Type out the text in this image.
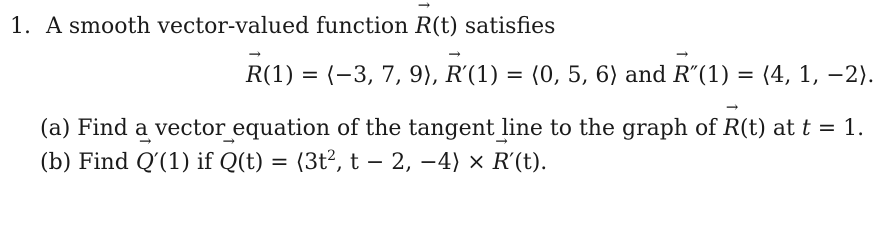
1. A smooth vector-valued function → R(t) satisfies
→ R(1) = ⟨−3, 7, 9⟩, → R′(1) = ⟨0, 5, 6⟩ and → R″(1) = ⟨4, 1, −2⟩.
(a) Find a vector equation of the tangent line to the graph of → R(t) at t = 1.
(b) Find → Q′(1) if → $Q(t) = ⟨3t^2$, t − 2, −4⟩ × → R′(t).
